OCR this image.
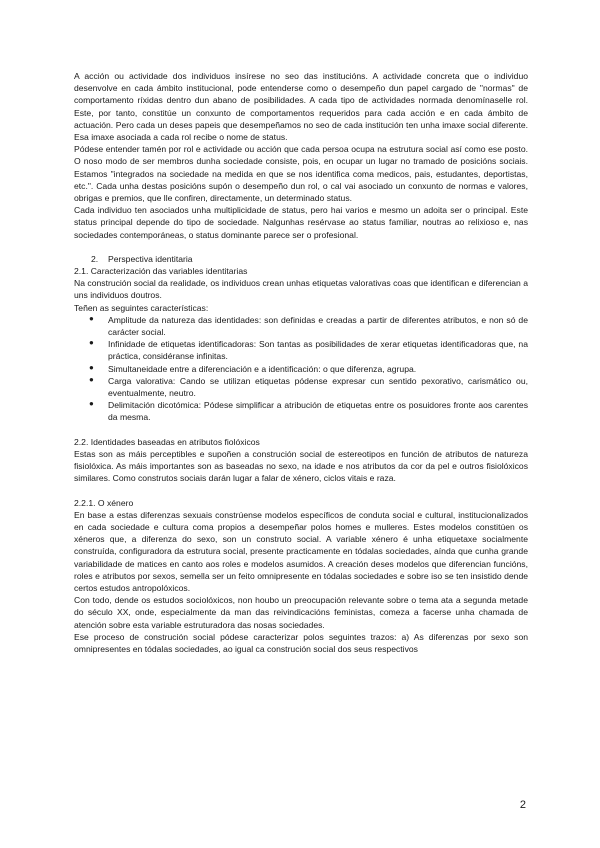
A acción ou actividade dos individuos insírese no seo das institucións. A actividade concreta que o individuo desenvolve en cada ámbito institucional, pode entenderse como o desempeño dun papel cargado de "normas" de comportamento ríxidas dentro dun abano de posibilidades. A cada tipo de actividades normada denomínaselle rol. Este, por tanto, constitúe un conxunto de comportamentos requeridos para cada acción e en cada ámbito de actuación. Pero cada un deses papeis que desempeñamos no seo de cada institución ten unha imaxe social diferente. Esa imaxe asociada a cada rol recibe o nome de status.

Pódese entender tamén por rol e actividade ou acción que cada persoa ocupa na estrutura social así como ese posto. O noso modo de ser membros dunha sociedade consiste, pois, en ocupar un lugar no tramado de posicións sociais. Estamos "integrados na sociedade na medida en que se nos identifica coma medicos, pais, estudantes, deportistas, etc.". Cada unha destas posicións supón o desempeño dun rol, o cal vai asociado un conxunto de normas e valores, obrigas e premios, que lle confiren, directamente, un determinado status.

Cada individuo ten asociados unha multiplicidade de status, pero hai varios e mesmo un adoita ser o principal. Este status principal depende do tipo de sociedade. Nalgunhas resérvase ao status familiar, noutras ao relixioso e, nas sociedades contemporáneas, o status dominante parece ser o profesional.

2. Perspectiva identitaria

2.1. Caracterización das variables identitarias

Na construción social da realidade, os individuos crean unhas etiquetas valorativas coas que identifican e diferencian a uns individuos doutros.

Teñen as seguintes características:

● Amplitude da natureza das identidades: son definidas e creadas a partir de diferentes atributos, e non só de carácter social.

● Infinidade de etiquetas identificadoras: Son tantas as posibilidades de xerar etiquetas identificadoras que, na práctica, considéranse infinitas.

● Simultaneidade entre a diferenciación e a identificación: o que diferenza, agrupa.

● Carga valorativa: Cando se utilizan etiquetas pódense expresar cun sentido pexorativo, carismático ou, eventualmente, neutro.

● Delimitación dicotómica: Pódese simplificar a atribución de etiquetas entre os posuidores fronte aos carentes da mesma.

2.2. Identidades baseadas en atributos fiolóxicos

Estas son as máis perceptibles e supoñen a construción social de estereotipos en función de atributos de natureza fisiolóxica. As máis importantes son as baseadas no sexo, na idade e nos atributos da cor da pel e outros fisiolóxicos similares. Como construtos sociais darán lugar a falar de xénero, ciclos vitais e raza.

2.2.1. O xénero

En base a estas diferenzas sexuais constrúense modelos específicos de conduta social e cultural, institucionalizados en cada sociedade e cultura coma propios a desempeñar polos homes e mulleres. Estes modelos constitúen os xéneros que, a diferenza do sexo, son un construto social. A variable xénero é unha etiquetaxe socialmente construída, configuradora da estrutura social, presente practicamente en tódalas sociedades, aínda que cunha grande variabilidade de matices en canto aos roles e modelos asumidos. A creación deses modelos que diferencian funcións, roles e atributos por sexos, semella ser un feito omnipresente en tódalas sociedades e sobre iso se ten insistido dende certos estudos antropolóxicos.

Con todo, dende os estudos sociolóxicos, non houbo un preocupación relevante sobre o tema ata a segunda metade do século XX, onde, especialmente da man das reivindicacións feministas, comeza a facerse unha chamada de atención sobre esta variable estruturadora das nosas sociedades.

Ese proceso de construción social pódese caracterizar polos seguintes trazos: a) As diferenzas por sexo son omnipresentes en tódalas sociedades, ao igual ca construción social dos seus respectivos

2
